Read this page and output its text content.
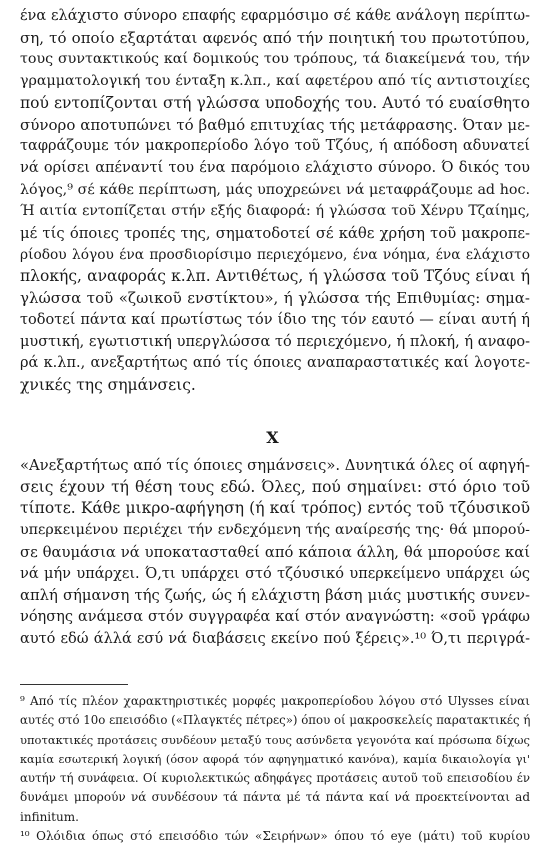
ένα ελάχιστο σύνορο επαφής εφαρμόσιμο σέ κάθε ανάλογη περίπτω-
ση, τό οποίο εξαρτάται αφενός από τήν ποιητική του πρωτοτύπου,
τους συντακτικούς καί δομικούς του τρόπους, τά διακείμενά του, τήν
γραμματολογική του ένταξη κ.λπ., καί αφετέρου από τίς αντιστοιχίες
πού εντοπίζονται στή γλώσσα υποδοχής του. Αυτό τό ευαίσθητο
σύνορο αποτυπώνει τό βαθμό επιτυχίας τής μετάφρασης. Όταν με-
ταφράζουμε τόν μακροπερίοδο λόγο τοῦ Τζόυς, ή απόδοση αδυνατεί
νά ορίσει απέναντί του ένα παρόμοιο ελάχιστο σύνορο. Ό δικός του
λόγος,⁹ σέ κάθε περίπτωση, μάς υποχρεώνει νά μεταφράζουμε ad hoc.
Ή αιτία εντοπίζεται στήν εξής διαφορά: ή γλώσσα τοῦ Χένρυ Τζαίημς,
μέ τίς όποιες τροπές της, σηματοδοτεί σέ κάθε χρήση τοῦ μακροπε-
ρίοδου λόγου ένα προσδιορίσιμο περιεχόμενο, ένα νόημα, ένα ελάχιστο
πλοκής, αναφοράς κ.λπ. Αντιθέτως, ή γλώσσα τοῦ Τζόυς είναι ή
γλώσσα τοῦ «ζωικοῦ ενστίκτου», ή γλώσσα τής Επιθυμίας: σημα-
τοδοτεί πάντα καί πρωτίστως τόν ίδιο της τόν εαυτό — είναι αυτή ή
μυστική, εγωτιστική υπεργλώσσα τό περιεχόμενο, ή πλοκή, ή αναφο-
ρά κ.λπ., ανεξαρτήτως από τίς όποιες αναπαραστατικές καί λογοτε-
χνικές της σημάνσεις.
Χ
«Ανεξαρτήτως από τίς όποιες σημάνσεις». Δυνητικά όλες οί αφηγή-
σεις έχουν τή θέση τους εδώ. Όλες, πού σημαίνει: στό όριο τοῦ
τίποτε. Κάθε μικρο-αφήγηση (ή καί τρόπος) εντός τοῦ τζόυσικοῦ
υπερκειμένου περιέχει τήν ενδεχόμενη τής αναίρεσής της· θά μπορού-
σε θαυμάσια νά υποκατασταθεί από κάποια άλλη, θά μπορούσε καί
νά μήν υπάρχει. Ό,τι υπάρχει στό τζόυσικό υπερκείμενο υπάρχει ώς
απλή σήμανση τής ζωής, ώς ή ελάχιστη βάση μιάς μυστικής συνεν-
νόησης ανάμεσα στόν συγγραφέα καί στόν αναγνώστη: «σοῦ γράφω
αυτό εδώ άλλά εσύ νά διαβάσεις εκείνο πού ξέρεις».¹⁰ Ό,τι περιγρά-
⁹ Από τίς πλέον χαρακτηριστικές μορφές μακροπερίοδου λόγου στό Ulysses είναι
αυτές στό 10ο επεισόδιο («Πλαγκτές πέτρες») όπου οί μακροσκελείς παρατακτικές ή
υποτακτικές προτάσεις συνδέουν μεταξύ τους ασύνδετα γεγονότα καί πρόσωπα δίχως
καμία εσωτερική λογική (όσον αφορά τόν αφηγηματικό κανόνα), καμία δικαιολογία γι'
αυτήν τή συνάφεια. Οί κυριολεκτικώς αδηφάγες προτάσεις αυτοῦ τοῦ επεισοδίου έν
δυνάμει μπορούν νά συνδέσουν τά πάντα μέ τά πάντα καί νά προεκτείνονται ad
infinitum.
¹⁰ Ολόιδια όπως στό επεισόδιο τών «Σειρήνων» όπου τό eye (μάτι) τοῦ κυρίου
